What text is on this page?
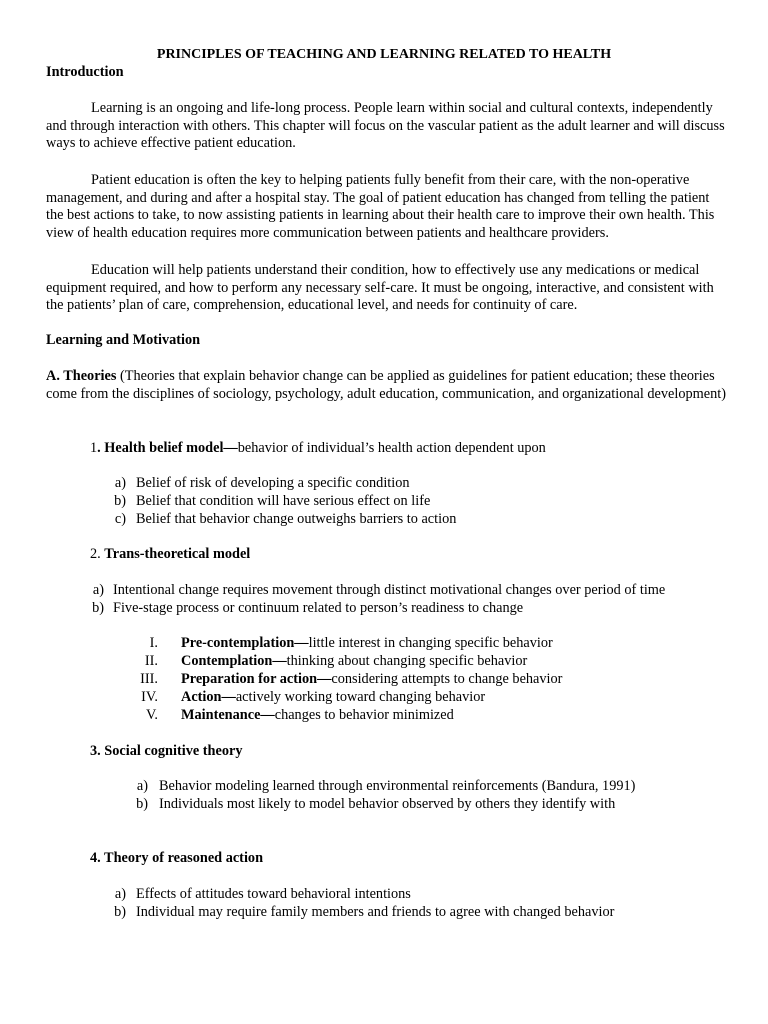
PRINCIPLES OF TEACHING AND LEARNING RELATED TO HEALTH
Introduction

Learning is an ongoing and life-long process. People learn within social and cultural contexts, independently and through interaction with others. This chapter will focus on the vascular patient as the adult learner and will discuss ways to achieve effective patient education.

Patient education is often the key to helping patients fully benefit from their care, with the non-operative management, and during and after a hospital stay. The goal of patient education has changed from telling the patient the best actions to take, to now assisting patients in learning about their health care to improve their own health. This view of health education requires more communication between patients and healthcare providers.

Education will help patients understand their condition, how to effectively use any medications or medical equipment required, and how to perform any necessary self-care. It must be ongoing, interactive, and consistent with the patients’ plan of care, comprehension, educational level, and needs for continuity of care.

Learning and Motivation

A. Theories (Theories that explain behavior change can be applied as guidelines for patient education; these theories come from the disciplines of sociology, psychology, adult education, communication, and organizational development)

1. Health belief model—behavior of individual’s health action dependent upon
a) Belief of risk of developing a specific condition
b) Belief that condition will have serious effect on life
c) Belief that behavior change outweighs barriers to action
2. Trans-theoretical model
a) Intentional change requires movement through distinct motivational changes over period of time
b) Five-stage process or continuum related to person’s readiness to change
I. Pre-contemplation—little interest in changing specific behavior
II. Contemplation—thinking about changing specific behavior
III. Preparation for action—considering attempts to change behavior
IV. Action—actively working toward changing behavior
V. Maintenance—changes to behavior minimized
3. Social cognitive theory
a) Behavior modeling learned through environmental reinforcements (Bandura, 1991)
b) Individuals most likely to model behavior observed by others they identify with
4. Theory of reasoned action
a) Effects of attitudes toward behavioral intentions
b) Individual may require family members and friends to agree with changed behavior
